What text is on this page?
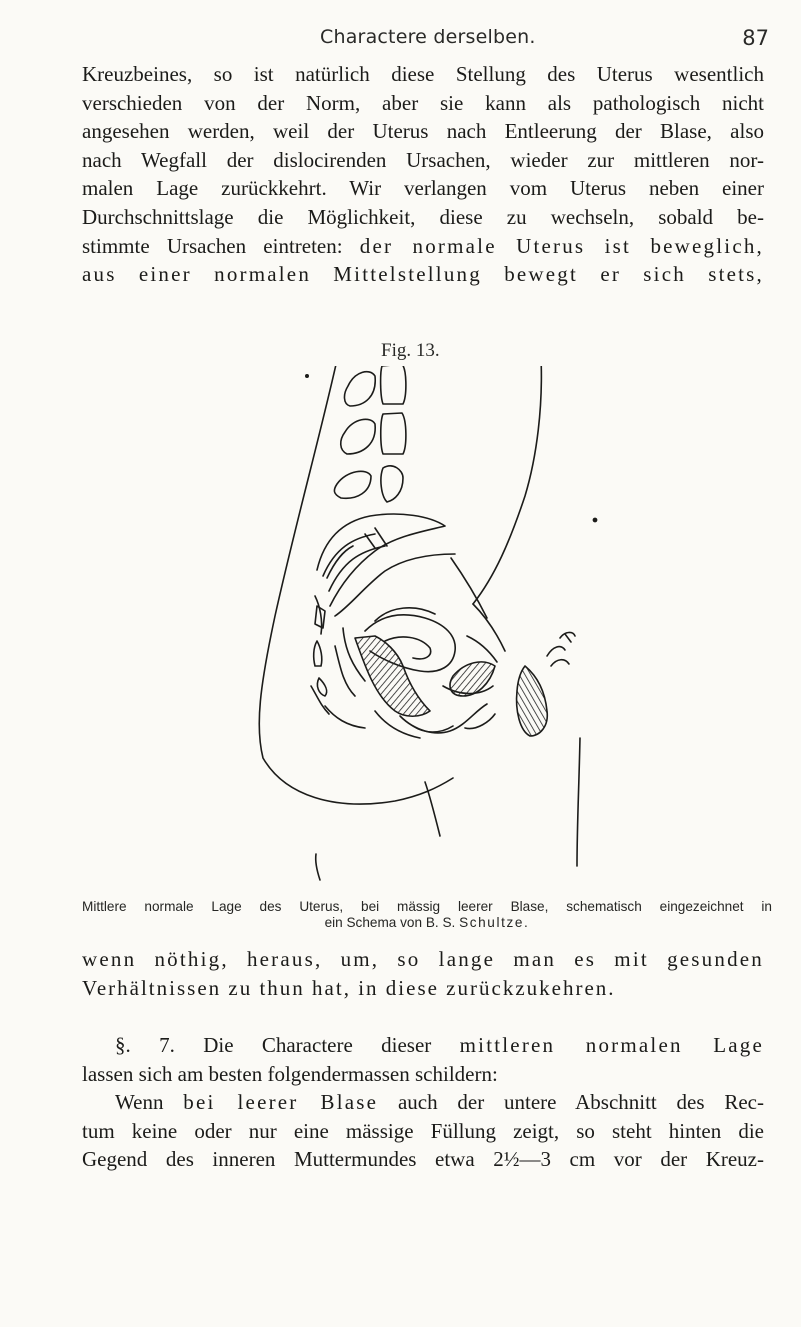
Charactere derselben.	87
Kreuzbeines, so ist natürlich diese Stellung des Uterus wesentlich
verschieden von der Norm, aber sie kann als pathologisch nicht
angesehen werden, weil der Uterus nach Entleerung der Blase, also
nach Wegfall der dislocirenden Ursachen, wieder zur mittleren nor-
malen Lage zurückkehrt. Wir verlangen vom Uterus neben einer
Durchschnittslage die Möglichkeit, diese zu wechseln, sobald be-
stimmte Ursachen eintreten: der normale Uterus ist beweglich,
aus einer normalen Mittelstellung bewegt er sich stets,
Fig. 13.
Mittlere normale Lage des Uterus, bei mässig leerer Blase, schematisch eingezeichnet in
ein Schema von B. S. Schultze.
wenn nöthig, heraus, um, so lange man es mit gesunden
Verhältnissen zu thun hat, in diese zurückzukehren.
§. 7. Die Charactere dieser mittleren normalen Lage
lassen sich am besten folgendermassen schildern:
Wenn bei leerer Blase auch der untere Abschnitt des Rec-
tum keine oder nur eine mässige Füllung zeigt, so steht hinten die
Gegend des inneren Muttermundes etwa 2½—3 cm vor der Kreuz-
